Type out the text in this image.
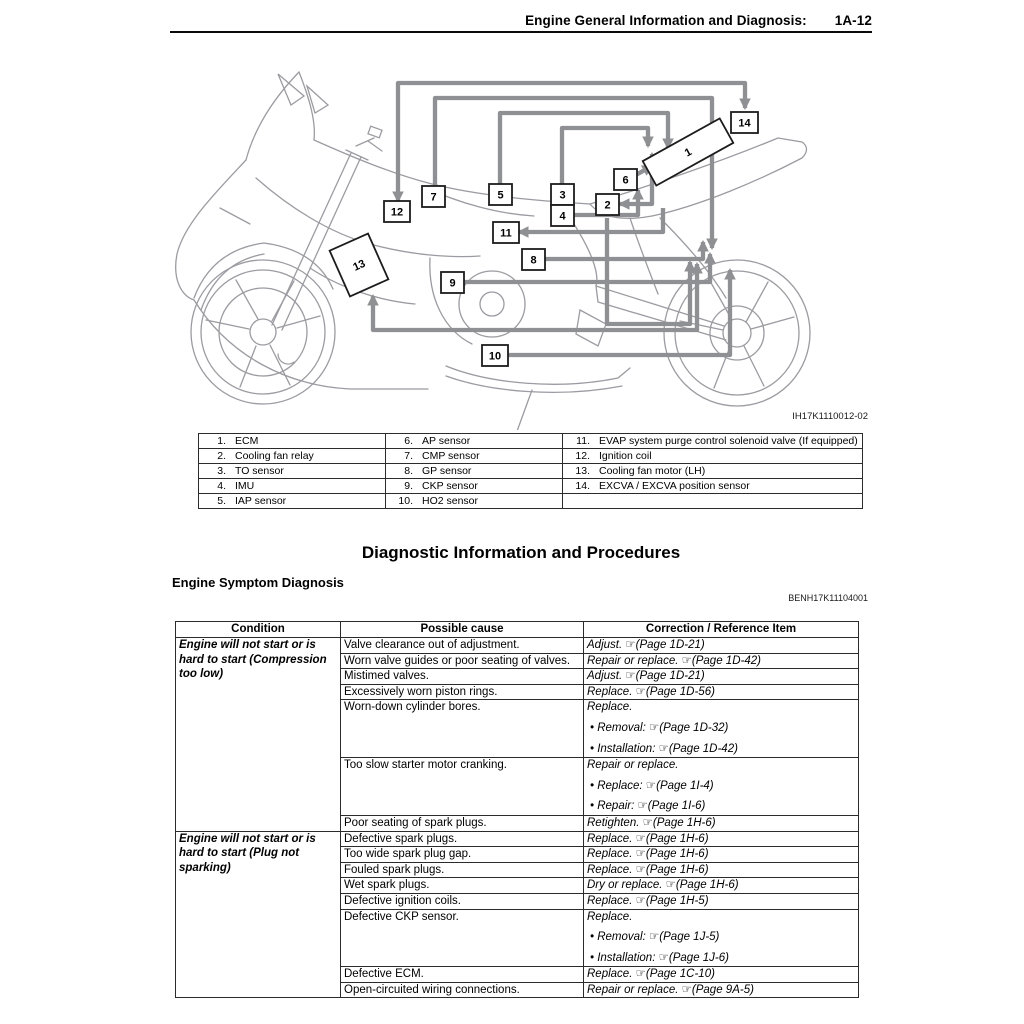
Engine General Information and Diagnosis: 1A-12
1
2
3
4
5
6
7
8
9
10
11
12
13
14
IH17K1110012-02
1. ECM	6. AP sensor	11. EVAP system purge control solenoid valve (If equipped)
2. Cooling fan relay	7. CMP sensor	12. Ignition coil
3. TO sensor	8. GP sensor	13. Cooling fan motor (LH)
4. IMU	9. CKP sensor	14. EXCVA / EXCVA position sensor
5. IAP sensor	10. HO2 sensor	
Diagnostic Information and Procedures
Engine Symptom Diagnosis
BENH17K11104001
Condition	Possible cause	Correction / Reference Item
Engine will not start or is hard to start (Compression too low)	Valve clearance out of adjustment.	Adjust. ☞(Page 1D-21)

	Worn valve guides or poor seating of valves.	Repair or replace. ☞(Page 1D-42)

	Mistimed valves.	Adjust. ☞(Page 1D-21)

	Excessively worn piston rings.	Replace. ☞(Page 1D-56)

	Worn-down cylinder bores.	Replace.
• Removal: ☞(Page 1D-32)
• Installation: ☞(Page 1D-42)

	Too slow starter motor cranking.	Repair or replace.
• Replace: ☞(Page 1I-4)
• Repair: ☞(Page 1I-6)

	Poor seating of spark plugs.	Retighten. ☞(Page 1H-6)

Engine will not start or is hard to start (Plug not sparking)	Defective spark plugs.	Replace. ☞(Page 1H-6)

	Too wide spark plug gap.	Replace. ☞(Page 1H-6)

	Fouled spark plugs.	Replace. ☞(Page 1H-6)

	Wet spark plugs.	Dry or replace. ☞(Page 1H-6)

	Defective ignition coils.	Replace. ☞(Page 1H-5)

	Defective CKP sensor.	Replace.
• Removal: ☞(Page 1J-5)
• Installation: ☞(Page 1J-6)

	Defective ECM.	Replace. ☞(Page 1C-10)

	Open-circuited wiring connections.	Repair or replace. ☞(Page 9A-5)
